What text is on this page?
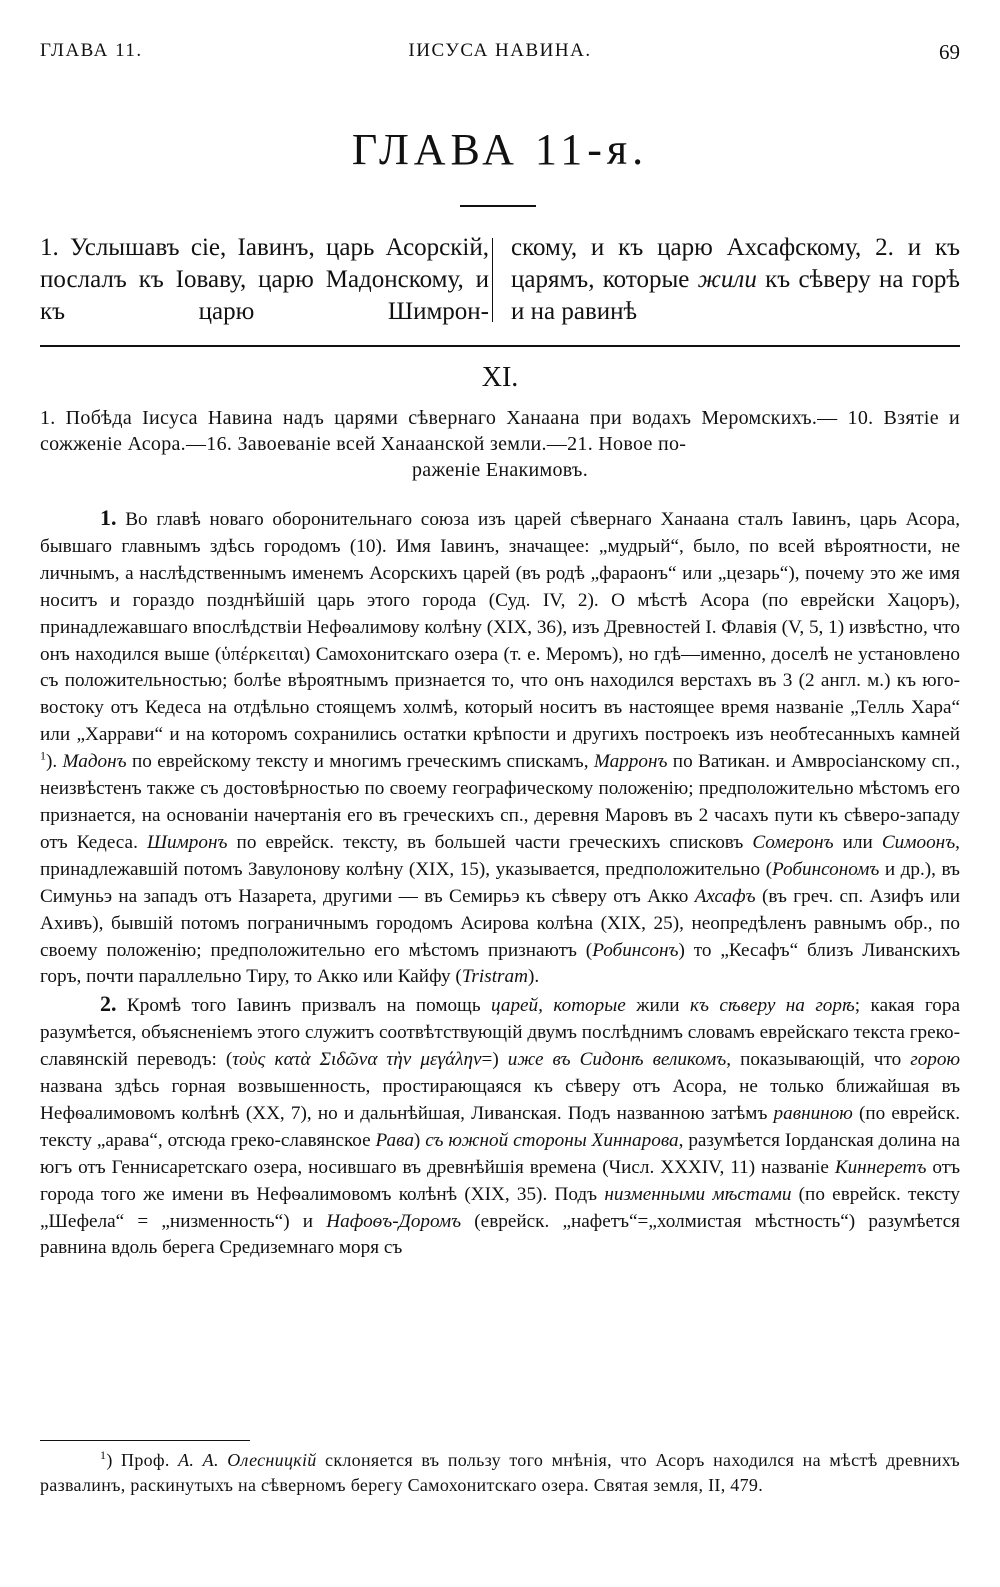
ГЛАВА 11.	ІИСУСА НАВИНА.	69
ГЛАВА 11-я.
1. Услышавъ сіе, Іавинъ, царь Асорскій, послалъ къ Іоваву, царю Мадонскому, и къ царю Шимрон-
скому, и къ царю Ахсафскому, 2. и къ царямъ, которые жили къ сѣверу на горѣ и на равинѣ
XI.
1. Побѣда Іисуса Навина надъ царями сѣвернаго Ханаана при водахъ Меромскихъ.— 10. Взятіе и сожженіе Асора.—16. Завоеваніе всей Ханаанской земли.—21. Новое по-
раженіе Енакимовъ.

1. Во главѣ новаго оборонительнаго союза изъ царей сѣвернаго Ханаана сталъ Іавинъ, царь Асора, бывшаго главнымъ здѣсь городомъ (10). Имя Іавинъ, значащее: „мудрый“, было, по всей вѣроятности, не личнымъ, а наслѣдственнымъ именемъ Асорскихъ царей (въ родѣ „фараонъ“ или „цезарь“), почему это же имя носитъ и гораздо позднѣйшій царь этого города (Суд. IV, 2). О мѣстѣ Асора (по еврейски Хацоръ), принадлежавшаго впослѣдствіи Нефѳалимову колѣну (XIX, 36), изъ Древностей І. Флавія (V, 5, 1) извѣстно, что онъ находился выше (ὑπέρκειται) Самохонитскаго озера (т. е. Меромъ), но гдѣ—именно, доселѣ не установлено съ положительностью; болѣе вѣроятнымъ признается то, что онъ находился верстахъ въ 3 (2 англ. м.) къ юго-востоку отъ Кедеса на отдѣльно стоящемъ холмѣ, который носитъ въ настоящее время названіе „Телль Хара“ или „Харрави“ и на которомъ сохранились остатки крѣпости и другихъ построекъ изъ необтесанныхъ камней $^1$). Мадонъ по еврейскому тексту и многимъ греческимъ спискамъ, Марронъ по Ватикан. и Амвросіанскому сп., неизвѣстенъ также съ достовѣрностью по своему географическому положенію; предположительно мѣстомъ его признается, на основаніи начертанія его въ греческихъ сп., деревня Маровъ въ 2 часахъ пути къ сѣверо-западу отъ Кедеса. Шимронъ по еврейск. тексту, въ большей части греческихъ списковъ Сомеронъ или Симоонъ, принадлежавшій потомъ Завулонову колѣну (XIX, 15), указывается, предположительно (Робинсономъ и др.), въ Симуньэ на западъ отъ Назарета, другими — въ Семирьэ къ сѣверу отъ Акко Ахсафъ (въ греч. сп. Азифъ или Ахивъ), бывшій потомъ пограничнымъ городомъ Асирова колѣна (XIX, 25), неопредѣленъ равнымъ обр., по своему положенію; предположительно его мѣстомъ признаютъ (Робинсонъ) то „Кесафъ“ близъ Ливанскихъ горъ, почти параллельно Тиру, то Акко или Кайфу (Tristram).

2. Кромѣ того Іавинъ призвалъ на помощь царей, которые жили къ сѣверу на горѣ; какая гора разумѣется, объясненіемъ этого служитъ соотвѣтствующій двумъ послѣднимъ словамъ еврейскаго текста греко-славянскій переводъ: (τοὺς κατὰ Σιδῶνα τὴν μεγάλην=) иже въ Сидонѣ великомъ, показывающій, что горою названа здѣсь горная возвышенность, простирающаяся къ сѣверу отъ Асора, не только ближайшая въ Нефѳалимовомъ колѣнѣ (XX, 7), но и дальнѣйшая, Ливанская. Подъ названною затѣмъ равниною (по еврейск. тексту „арава“, отсюда греко-славянское Рава) съ южной стороны Хиннарова, разумѣется Іорданская долина на югъ отъ Геннисаретскаго озера, носившаго въ древнѣйшія времена (Числ. XXXIV, 11) названіе Киннеретъ отъ города того же имени въ Нефѳалимовомъ колѣнѣ (XIX, 35). Подъ низменными мѣстами (по еврейск. тексту „Шефела“ = „низменность“) и Нафоѳъ-Доромъ (еврейск. „нафетъ“=„холмистая мѣстность“) разумѣется равнина вдоль берега Средиземнаго моря съ

$^1$) Проф. А. А. Олесницкій склоняется въ пользу того мнѣнія, что Асоръ находился на мѣстѣ древнихъ развалинъ, раскинутыхъ на сѣверномъ берегу Самохонитскаго озера. Святая земля, II, 479.
